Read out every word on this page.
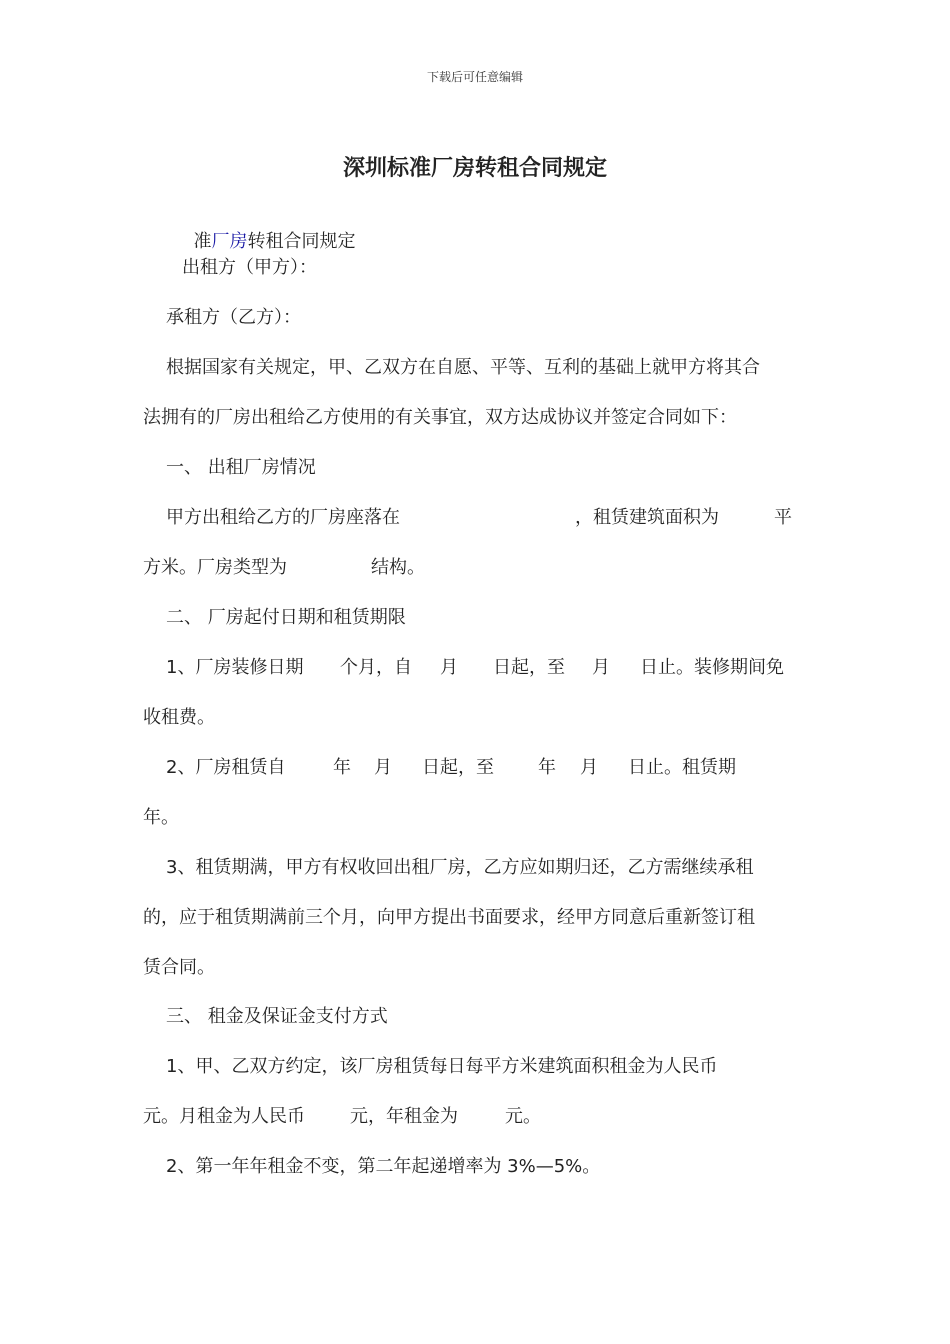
下载后可任意编辑
深圳标准厂房转租合同规定

准厂房转租合同规定

出租方（甲方）：
承租方（乙方）：
根据国家有关规定，甲、乙双方在自愿、平等、互利的基础上就甲方将其合
法拥有的厂房出租给乙方使用的有关事宜，双方达成协议并签定合同如下：
一、 出租厂房情况
甲方出租给乙方的厂房座落在	，租赁建筑面积为	平
方米。厂房类型为	结构。
二、 厂房起付日期和租赁期限
1、厂房装修日期 个月，自 月 日起，至 月 日止。装修期间免
收租费。
2、厂房租赁自	年 月 日起，至 年 月 日止。租赁期
年。
3、租赁期满，甲方有权收回出租厂房，乙方应如期归还，乙方需继续承租
的，应于租赁期满前三个月，向甲方提出书面要求，经甲方同意后重新签订租
赁合同。
三、 租金及保证金支付方式
1、甲、乙双方约定，该厂房租赁每日每平方米建筑面积租金为人民币
元。月租金为人民币	元，年租金为	元。
2、第一年年租金不变，第二年起递增率为 3%—5%。
